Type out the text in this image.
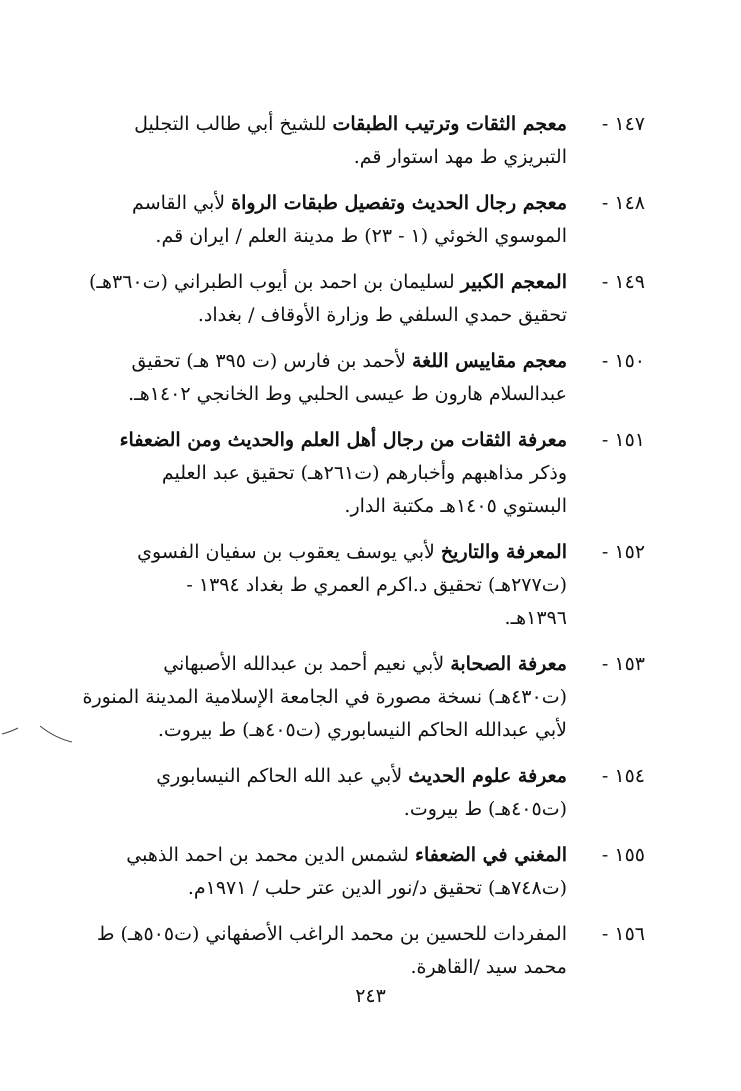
١٤٧ -
معجم الثقات وترتيب الطبقات للشيخ أبي طالب التجليل
التبريزي ط مهد استوار قم.
١٤٨ -
معجم رجال الحديث وتفصيل طبقات الرواة لأبي القاسم
الموسوي الخوئي (١ - ٢٣) ط مدينة العلم / ايران قم.
١٤٩ -
المعجم الكبير لسليمان بن احمد بن أيوب الطبراني (ت٣٦٠هـ)
تحقيق حمدي السلفي ط وزارة الأوقاف / بغداد.
١٥٠ -
معجم مقاييس اللغة لأحمد بن فارس (ت ٣٩٥ هـ) تحقيق
عبدالسلام هارون ط عيسى الحلبي وط الخانجي ١٤٠٢هـ.
١٥١ -
معرفة الثقات من رجال أهل العلم والحديث ومن الضعفاء
وذكر مذاهبهم وأخبارهم (ت٢٦١هـ) تحقيق عبد العليم
البستوي ١٤٠٥هـ مكتبة الدار.
١٥٢ -
المعرفة والتاريخ لأبي يوسف يعقوب بن سفيان الفسوي
(ت٢٧٧هـ) تحقيق د.اكرم العمري ط بغداد ١٣٩٤ -
١٣٩٦هـ.
١٥٣ -
معرفة الصحابة لأبي نعيم أحمد بن عبدالله الأصبهاني
(ت٤٣٠هـ) نسخة مصورة في الجامعة الإسلامية المدينة المنورة
لأبي عبدالله الحاكم النيسابوري (ت٤٠٥هـ) ط بيروت.
١٥٤ -
معرفة علوم الحديث لأبي عبد الله الحاكم النيسابوري
(ت٤٠٥هـ) ط بيروت.
١٥٥ -
المغني في الضعفاء لشمس الدين محمد بن احمد الذهبي
(ت٧٤٨هـ) تحقيق د/نور الدين عتر حلب / ١٩٧١م.
١٥٦ -
المفردات للحسين بن محمد الراغب الأصفهاني (ت٥٠٥هـ) ط
محمد سيد /القاهرة.
٢٤٣
